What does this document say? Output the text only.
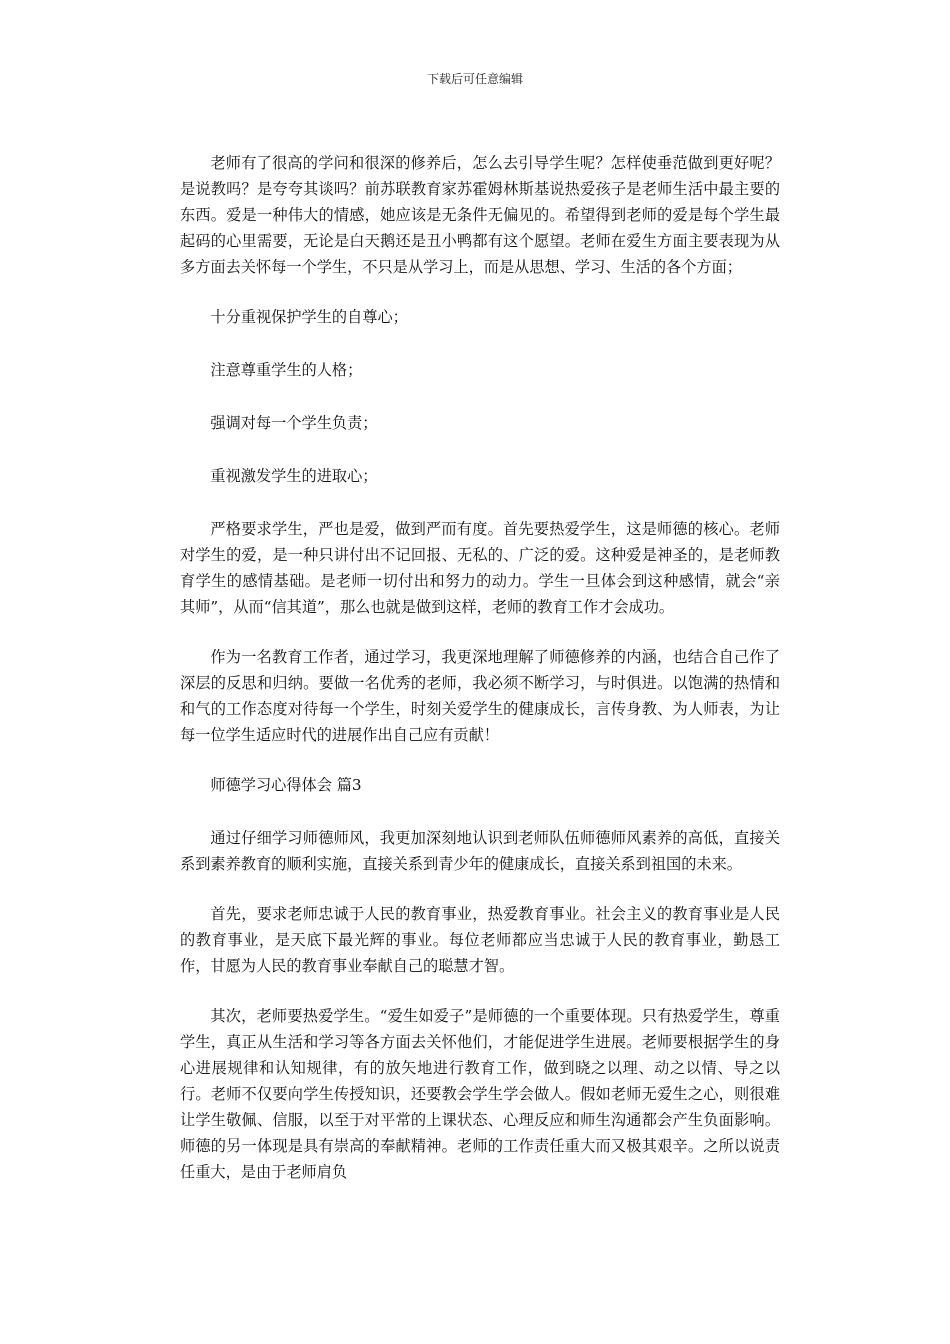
下载后可任意编辑

老师有了很高的学问和很深的修养后，怎么去引导学生呢？怎样使垂范做到更好呢？是说教吗？是夸夸其谈吗？前苏联教育家苏霍姆林斯基说热爱孩子是老师生活中最主要的东西。爱是一种伟大的情感，她应该是无条件无偏见的。希望得到老师的爱是每个学生最起码的心里需要，无论是白天鹅还是丑小鸭都有这个愿望。老师在爱生方面主要表现为从多方面去关怀每一个学生，不只是从学习上，而是从思想、学习、生活的各个方面；

十分重视保护学生的自尊心；

注意尊重学生的人格；

强调对每一个学生负责；

重视激发学生的进取心；

严格要求学生，严也是爱，做到严而有度。首先要热爱学生，这是师德的核心。老师对学生的爱，是一种只讲付出不记回报、无私的、广泛的爱。这种爱是神圣的，是老师教育学生的感情基础。是老师一切付出和努力的动力。学生一旦体会到这种感情，就会“亲其师”，从而“信其道”，那么也就是做到这样，老师的教育工作才会成功。

作为一名教育工作者，通过学习，我更深地理解了师德修养的内涵，也结合自己作了深层的反思和归纳。要做一名优秀的老师，我必须不断学习，与时俱进。以饱满的热情和和气的工作态度对待每一个学生，时刻关爱学生的健康成长，言传身教、为人师表，为让每一位学生适应时代的进展作出自己应有贡献！

师德学习心得体会 篇3

通过仔细学习师德师风，我更加深刻地认识到老师队伍师德师风素养的高低，直接关系到素养教育的顺利实施，直接关系到青少年的健康成长，直接关系到祖国的未来。

首先，要求老师忠诚于人民的教育事业，热爱教育事业。社会主义的教育事业是人民的教育事业，是天底下最光辉的事业。每位老师都应当忠诚于人民的教育事业，勤恳工作，甘愿为人民的教育事业奉献自己的聪慧才智。

其次，老师要热爱学生。“爱生如爱子”是师德的一个重要体现。只有热爱学生，尊重学生，真正从生活和学习等各方面去关怀他们，才能促进学生进展。老师要根据学生的身心进展规律和认知规律，有的放矢地进行教育工作，做到晓之以理、动之以情、导之以行。老师不仅要向学生传授知识，还要教会学生学会做人。假如老师无爱生之心，则很难让学生敬佩、信服，以至于对平常的上课状态、心理反应和师生沟通都会产生负面影响。师德的另一体现是具有崇高的奉献精神。老师的工作责任重大而又极其艰辛。之所以说责任重大，是由于老师肩负
